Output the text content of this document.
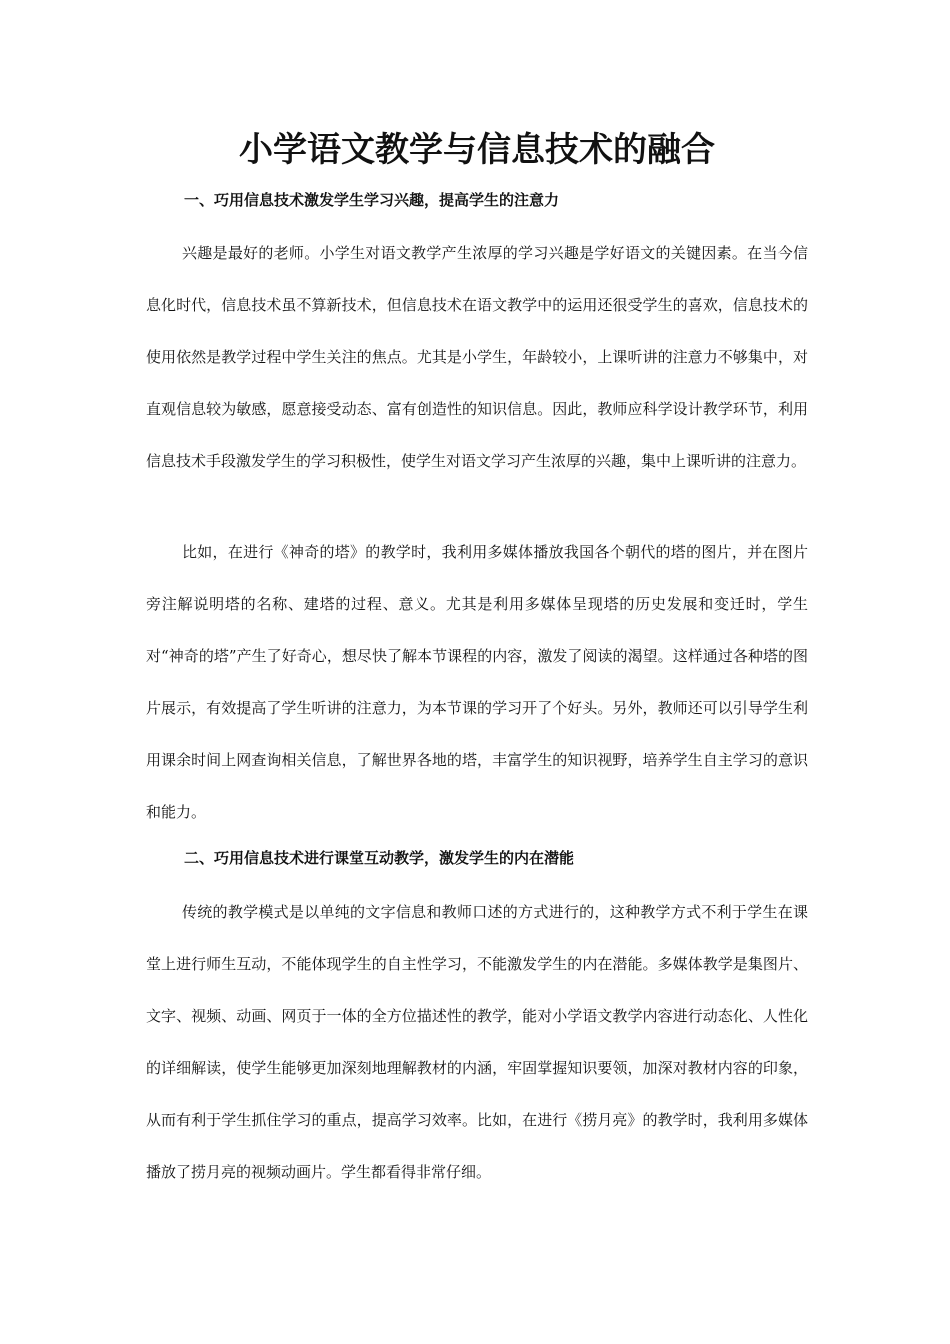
小学语文教学与信息技术的融合
一、巧用信息技术激发学生学习兴趣，提高学生的注意力

兴趣是最好的老师。小学生对语文教学产生浓厚的学习兴趣是学好语文的关键因素。在当今信息化时代，信息技术虽不算新技术，但信息技术在语文教学中的运用还很受学生的喜欢，信息技术的使用依然是教学过程中学生关注的焦点。尤其是小学生，年龄较小，上课听讲的注意力不够集中，对直观信息较为敏感，愿意接受动态、富有创造性的知识信息。因此，教师应科学设计教学环节，利用信息技术手段激发学生的学习积极性，使学生对语文学习产生浓厚的兴趣，集中上课听讲的注意力。

比如，在进行《神奇的塔》的教学时，我利用多媒体播放我国各个朝代的塔的图片，并在图片旁注解说明塔的名称、建塔的过程、意义。尤其是利用多媒体呈现塔的历史发展和变迁时，学生对“神奇的塔”产生了好奇心，想尽快了解本节课程的内容，激发了阅读的渴望。这样通过各种塔的图片展示，有效提高了学生听讲的注意力，为本节课的学习开了个好头。另外，教师还可以引导学生利用课余时间上网查询相关信息，了解世界各地的塔，丰富学生的知识视野，培养学生自主学习的意识和能力。

二、巧用信息技术进行课堂互动教学，激发学生的内在潜能

传统的教学模式是以单纯的文字信息和教师口述的方式进行的，这种教学方式不利于学生在课堂上进行师生互动，不能体现学生的自主性学习，不能激发学生的内在潜能。多媒体教学是集图片、文字、视频、动画、网页于一体的全方位描述性的教学，能对小学语文教学内容进行动态化、人性化的详细解读，使学生能够更加深刻地理解教材的内涵，牢固掌握知识要领，加深对教材内容的印象，从而有利于学生抓住学习的重点，提高学习效率。比如，在进行《捞月亮》的教学时，我利用多媒体播放了捞月亮的视频动画片。学生都看得非常仔细。
